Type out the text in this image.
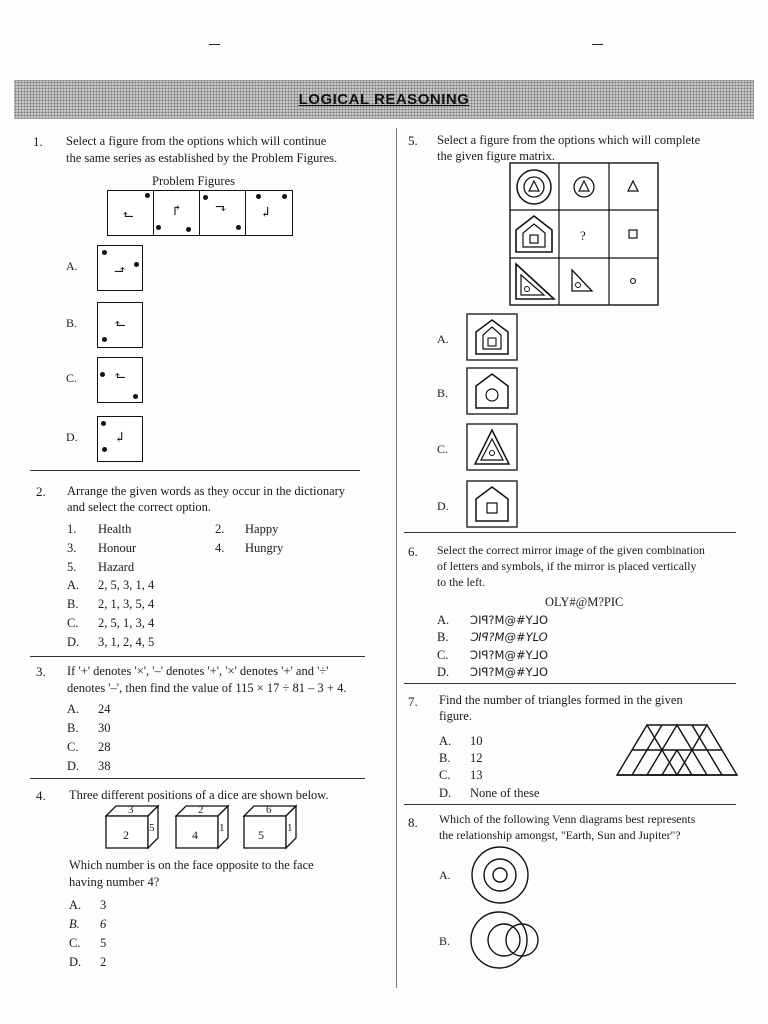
LOGICAL REASONING
1. Select a figure from the options which will continue
the same series as established by the Problem Figures.
Problem Figures
⬑	↱ ⬎ ↲
A.	⬏
B.	⬑
C.	⬑
D.	↲
2. Arrange the given words as they occur in the dictionary
and select the correct option.
1. Health	2. Happy
3. Honour	4. Hungry
5. Hazard
A. 2, 5, 3, 1, 4
B. 2, 1, 3, 5, 4
C. 2, 5, 1, 3, 4
D. 3, 1, 2, 4, 5
3. If '+' denotes '×', '–' denotes '+', '×' denotes '+' and '÷'
denotes '–', then find the value of 115 × 17 ÷ 81 – 3 + 4.
A. 24
B. 30
C. 28
D. 38
4. Three different positions of a dice are shown below.
3
2 5
2
4 1
6
5 1
Which number is on the face opposite to the face
having number 4?
A. 3
B. 6
C. 5
D. 2
5. Select a figure from the options which will complete
the given figure matrix.
?
A.
B.
C.
D.
6. Select the correct mirror image of the given combination
of letters and symbols, if the mirror is placed vertically
to the left.
OLY#@M?PIC
A. ƆIꟼ?M@#Y⅃O
B. ƆIꟼ?M@#YLO
C. ƆIꟼ?M@#Y⅃O
D. ƆIꟼ?M@#Y⅃O
7. Find the number of triangles formed in the given
figure.
A. 10
B. 12
C. 13
D. None of these
8. Which of the following Venn diagrams best represents
the relationship amongst, "Earth, Sun and Jupiter"?
A.
B.
